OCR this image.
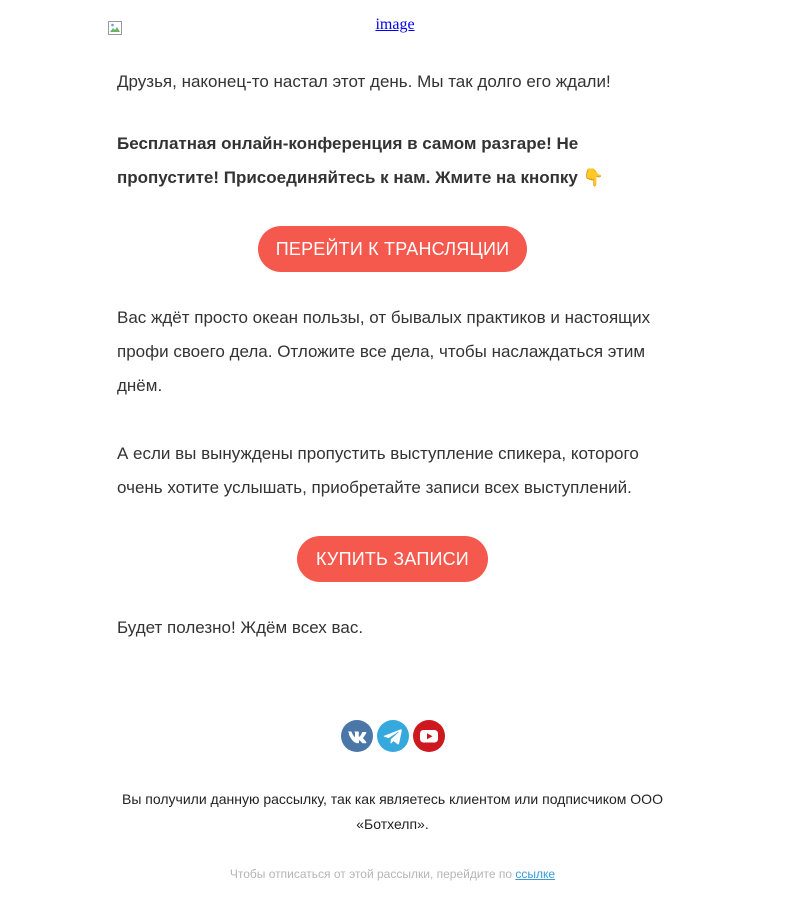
image

Друзья, наконец-то настал этот день. Мы так долго его ждали!

Бесплатная онлайн-конференция в самом разгаре! Не пропустите! Присоединяйтесь к нам. Жмите на кнопку 👇

ПЕРЕЙТИ К ТРАНСЛЯЦИИ

Вас ждёт просто океан пользы, от бывалых практиков и настоящих профи своего дела. Отложите все дела, чтобы наслаждаться этим днём.

А если вы вынуждены пропустить выступление спикера, которого очень хотите услышать, приобретайте записи всех выступлений.

КУПИТЬ ЗАПИСИ

Будет полезно! Ждём всех вас.

Вы получили данную рассылку, так как являетесь клиентом или подписчиком ООО «Ботхелп».
Чтобы отписаться от этой рассылки, перейдите по ссылке
